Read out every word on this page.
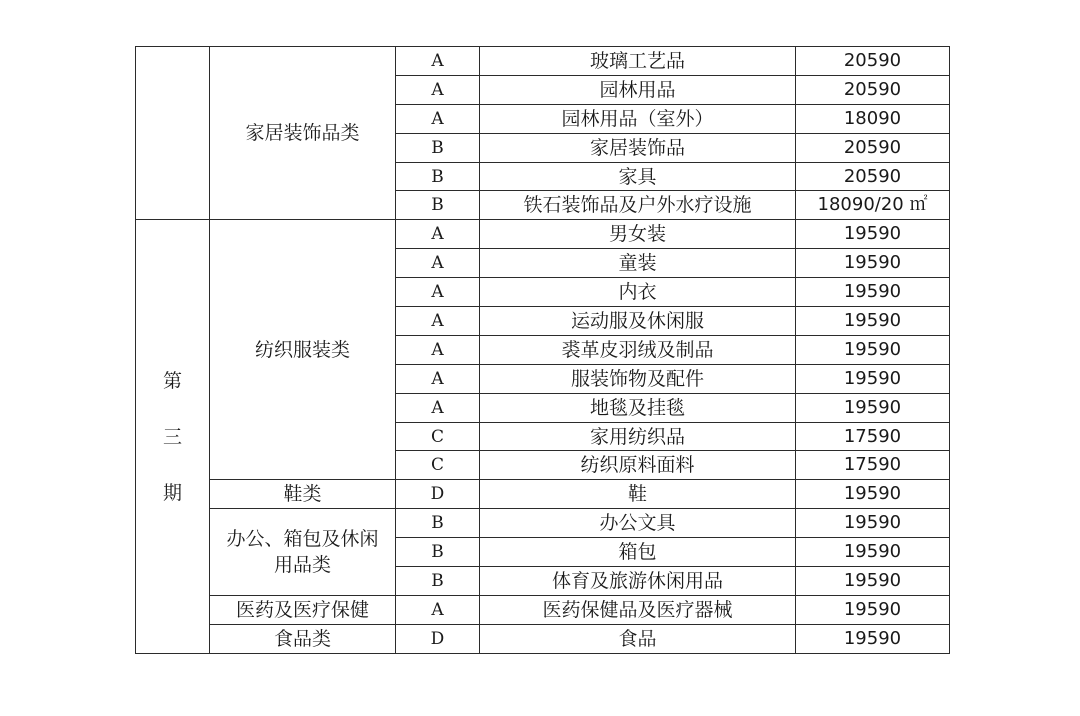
	家居装饰品类	A	玻璃工艺品	20590
		A	园林用品	20590
		A	园林用品（室外）	18090
		B	家居装饰品	20590
		B	家具	20590
		B	铁石装饰品及户外水疗设施	18090/20 ㎡
第三期	纺织服装类	A	男女装	19590
		A	童装	19590
		A	内衣	19590
		A	运动服及休闲服	19590
		A	裘革皮羽绒及制品	19590
		A	服装饰物及配件	19590
		A	地毯及挂毯	19590
		C	家用纺织品	17590
		C	纺织原料面料	17590
	鞋类	D	鞋	19590

	办公、箱包及休闲用品类	B	办公文具	19590
		B	箱包	19590
		B	体育及旅游休闲用品	19590
	医药及医疗保健	A	医药保健品及医疗器械	19590
	食品类	D	食品	19590
